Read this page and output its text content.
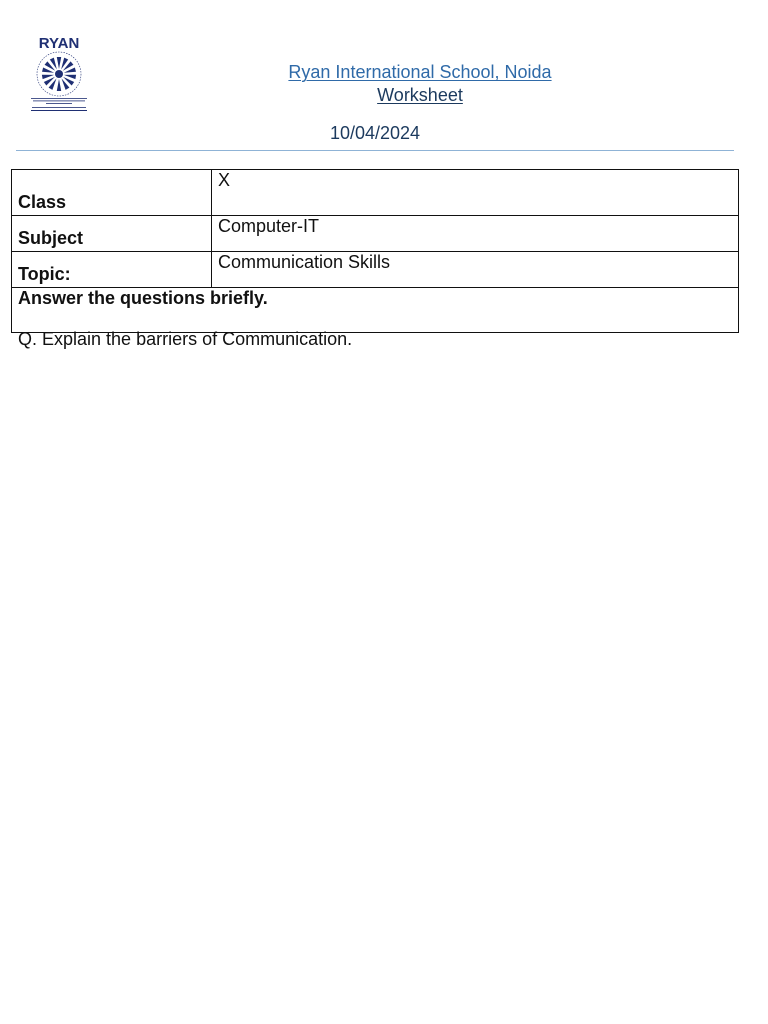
RYAN
Ryan International School, Noida
Worksheet
10/04/2024
Class	X
Subject	Computer-IT
Topic:	Communication Skills
Answer the questions briefly.	
Q. Explain the barriers of Communication.
